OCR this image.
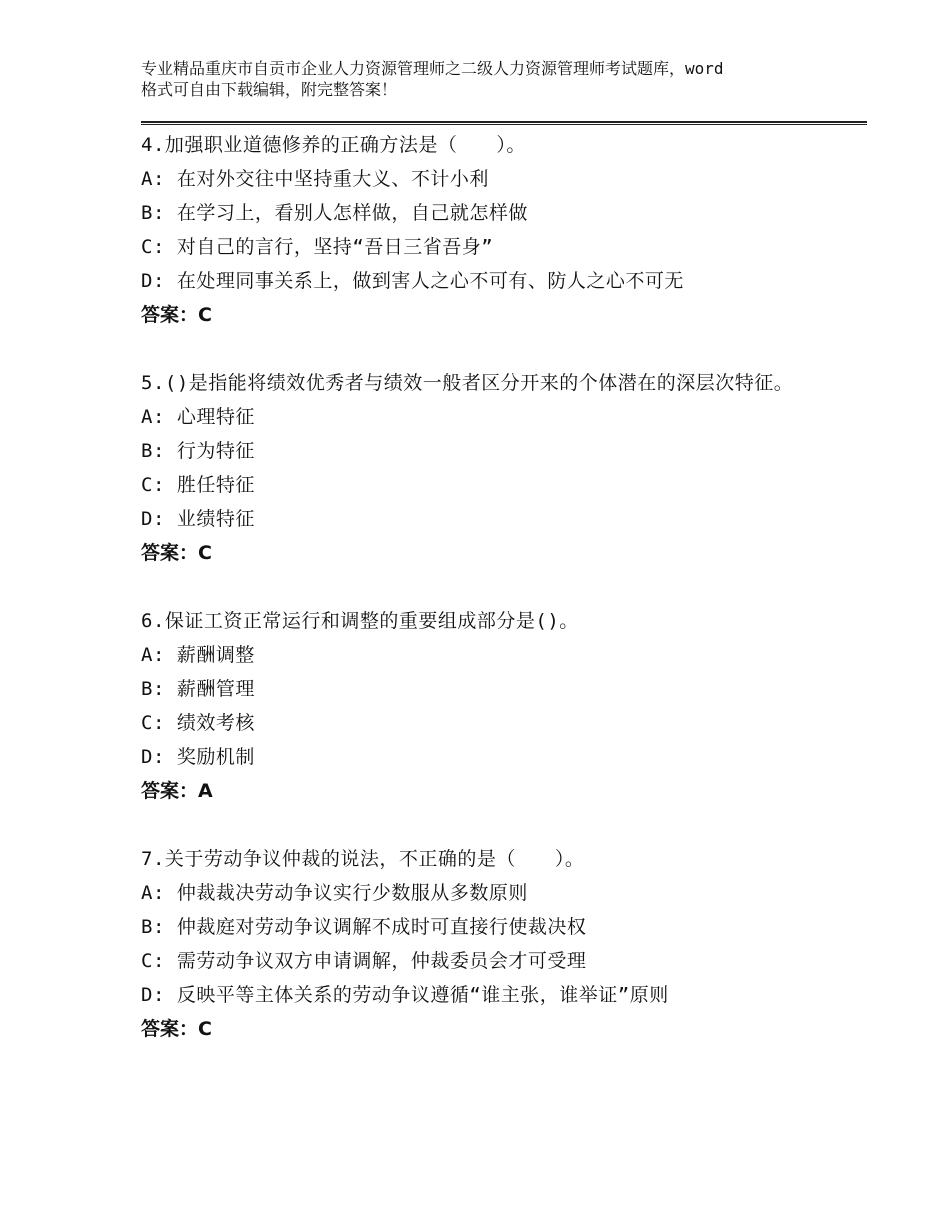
专业精品重庆市自贡市企业人力资源管理师之二级人力资源管理师考试题库，word
格式可自由下载编辑，附完整答案！
4.加强职业道德修养的正确方法是（　　）。
A: 在对外交往中坚持重大义、不计小利
B: 在学习上，看别人怎样做，自己就怎样做
C: 对自己的言行，坚持“吾日三省吾身”
D: 在处理同事关系上，做到害人之心不可有、防人之心不可无
答案：C
5.()是指能将绩效优秀者与绩效一般者区分开来的个体潜在的深层次特征。
A: 心理特征
B: 行为特征
C: 胜任特征
D: 业绩特征
答案：C
6.保证工资正常运行和调整的重要组成部分是()。
A: 薪酬调整
B: 薪酬管理
C: 绩效考核
D: 奖励机制
答案：A
7.关于劳动争议仲裁的说法，不正确的是（　　）。
A: 仲裁裁决劳动争议实行少数服从多数原则
B: 仲裁庭对劳动争议调解不成时可直接行使裁决权
C: 需劳动争议双方申请调解，仲裁委员会才可受理
D: 反映平等主体关系的劳动争议遵循“谁主张，谁举证”原则
答案：C
